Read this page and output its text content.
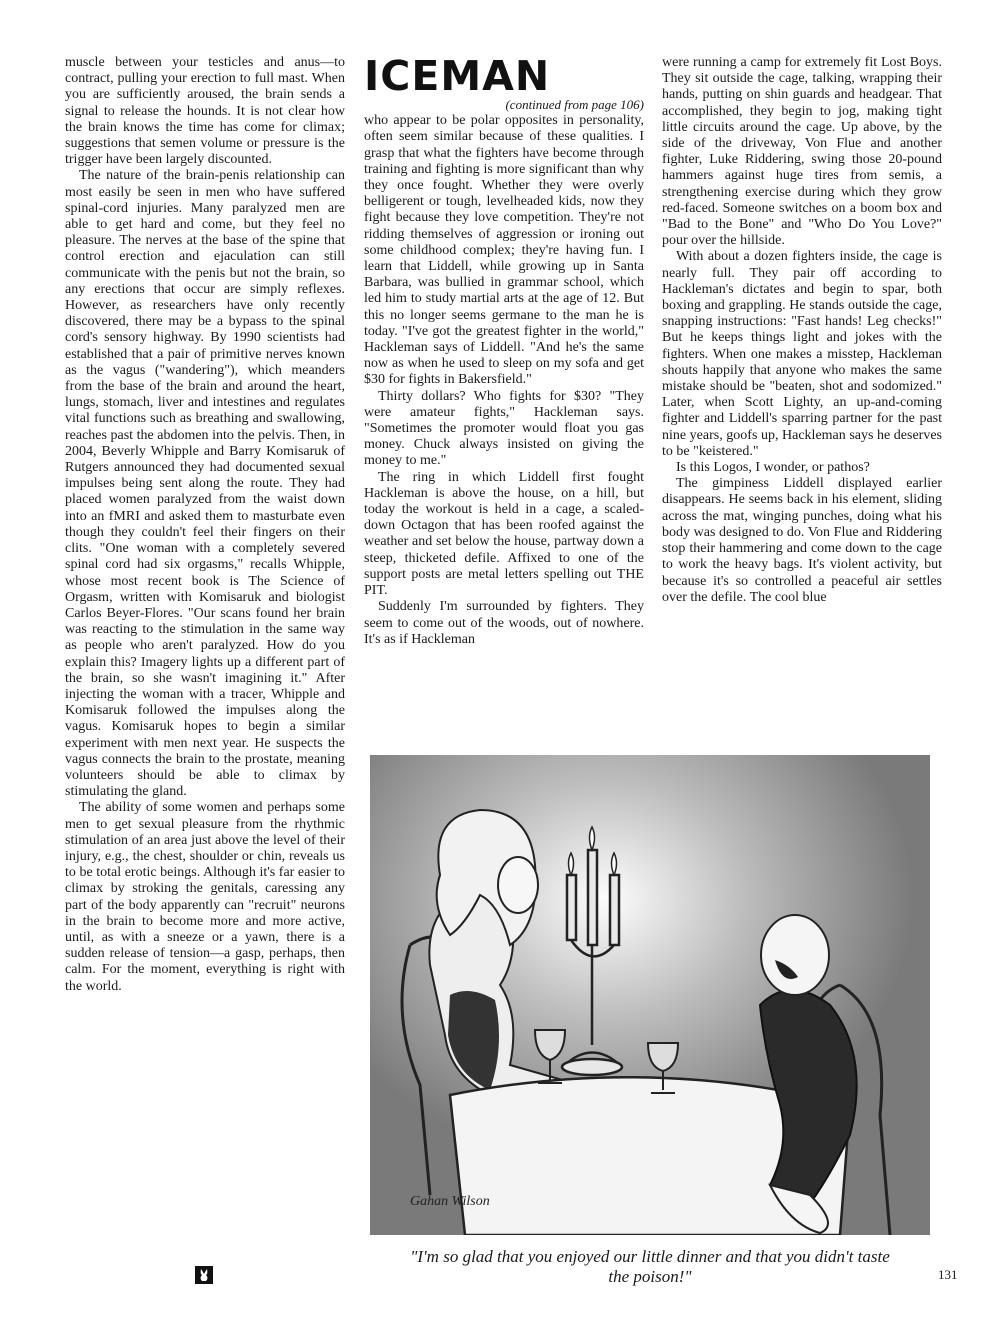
muscle between your testicles and anus—to contract, pulling your erection to full mast. When you are sufficiently aroused, the brain sends a signal to release the hounds. It is not clear how the brain knows the time has come for climax; suggestions that semen volume or pressure is the trigger have been largely discounted.

The nature of the brain-penis relationship can most easily be seen in men who have suffered spinal-cord injuries. Many paralyzed men are able to get hard and come, but they feel no pleasure. The nerves at the base of the spine that control erection and ejaculation can still communicate with the penis but not the brain, so any erections that occur are simply reflexes. However, as researchers have only recently discovered, there may be a bypass to the spinal cord's sensory highway. By 1990 scientists had established that a pair of primitive nerves known as the vagus ("wandering"), which meanders from the base of the brain and around the heart, lungs, stomach, liver and intestines and regulates vital functions such as breathing and swallowing, reaches past the abdomen into the pelvis. Then, in 2004, Beverly Whipple and Barry Komisaruk of Rutgers announced they had documented sexual impulses being sent along the route. They had placed women paralyzed from the waist down into an fMRI and asked them to masturbate even though they couldn't feel their fingers on their clits. "One woman with a completely severed spinal cord had six orgasms," recalls Whipple, whose most recent book is The Science of Orgasm, written with Komisaruk and biologist Carlos Beyer-Flores. "Our scans found her brain was reacting to the stimulation in the same way as people who aren't paralyzed. How do you explain this? Imagery lights up a different part of the brain, so she wasn't imagining it." After injecting the woman with a tracer, Whipple and Komisaruk followed the impulses along the vagus. Komisaruk hopes to begin a similar experiment with men next year. He suspects the vagus connects the brain to the prostate, meaning volunteers should be able to climax by stimulating the gland.

The ability of some women and perhaps some men to get sexual pleasure from the rhythmic stimulation of an area just above the level of their injury, e.g., the chest, shoulder or chin, reveals us to be total erotic beings. Although it's far easier to climax by stroking the genitals, caressing any part of the body apparently can "recruit" neurons in the brain to become more and more active, until, as with a sneeze or a yawn, there is a sudden release of tension—a gasp, perhaps, then calm. For the moment, everything is right with the world.

ICEMAN

(continued from page 106)

who appear to be polar opposites in personality, often seem similar because of these qualities. I grasp that what the fighters have become through training and fighting is more significant than why they once fought. Whether they were overly belligerent or tough, levelheaded kids, now they fight because they love competition. They're not ridding themselves of aggression or ironing out some childhood complex; they're having fun. I learn that Liddell, while growing up in Santa Barbara, was bullied in grammar school, which led him to study martial arts at the age of 12. But this no longer seems germane to the man he is today. "I've got the greatest fighter in the world," Hackleman says of Liddell. "And he's the same now as when he used to sleep on my sofa and get $30 for fights in Bakersfield."

Thirty dollars? Who fights for $30? "They were amateur fights," Hackleman says. "Sometimes the promoter would float you gas money. Chuck always insisted on giving the money to me."

The ring in which Liddell first fought Hackleman is above the house, on a hill, but today the workout is held in a cage, a scaled-down Octagon that has been roofed against the weather and set below the house, partway down a steep, thicketed defile. Affixed to one of the support posts are metal letters spelling out THE PIT.

Suddenly I'm surrounded by fighters. They seem to come out of the woods, out of nowhere. It's as if Hackleman

were running a camp for extremely fit Lost Boys. They sit outside the cage, talking, wrapping their hands, putting on shin guards and headgear. That accomplished, they begin to jog, making tight little circuits around the cage. Up above, by the side of the driveway, Von Flue and another fighter, Luke Riddering, swing those 20-pound hammers against huge tires from semis, a strengthening exercise during which they grow red-faced. Someone switches on a boom box and "Bad to the Bone" and "Who Do You Love?" pour over the hillside.

With about a dozen fighters inside, the cage is nearly full. They pair off according to Hackleman's dictates and begin to spar, both boxing and grappling. He stands outside the cage, snapping instructions: "Fast hands! Leg checks!" But he keeps things light and jokes with the fighters. When one makes a misstep, Hackleman shouts happily that anyone who makes the same mistake should be "beaten, shot and sodomized." Later, when Scott Lighty, an up-and-coming fighter and Liddell's sparring partner for the past nine years, goofs up, Hackleman says he deserves to be "keistered."

Is this Logos, I wonder, or pathos?

The gimpiness Liddell displayed earlier disappears. He seems back in his element, sliding across the mat, winging punches, doing what his body was designed to do. Von Flue and Riddering stop their hammering and come down to the cage to work the heavy bags. It's violent activity, but because it's so controlled a peaceful air settles over the defile. The cool blue

Gahan Wilson
"I'm so glad that you enjoyed our little dinner and that you didn't taste the poison!"	131
